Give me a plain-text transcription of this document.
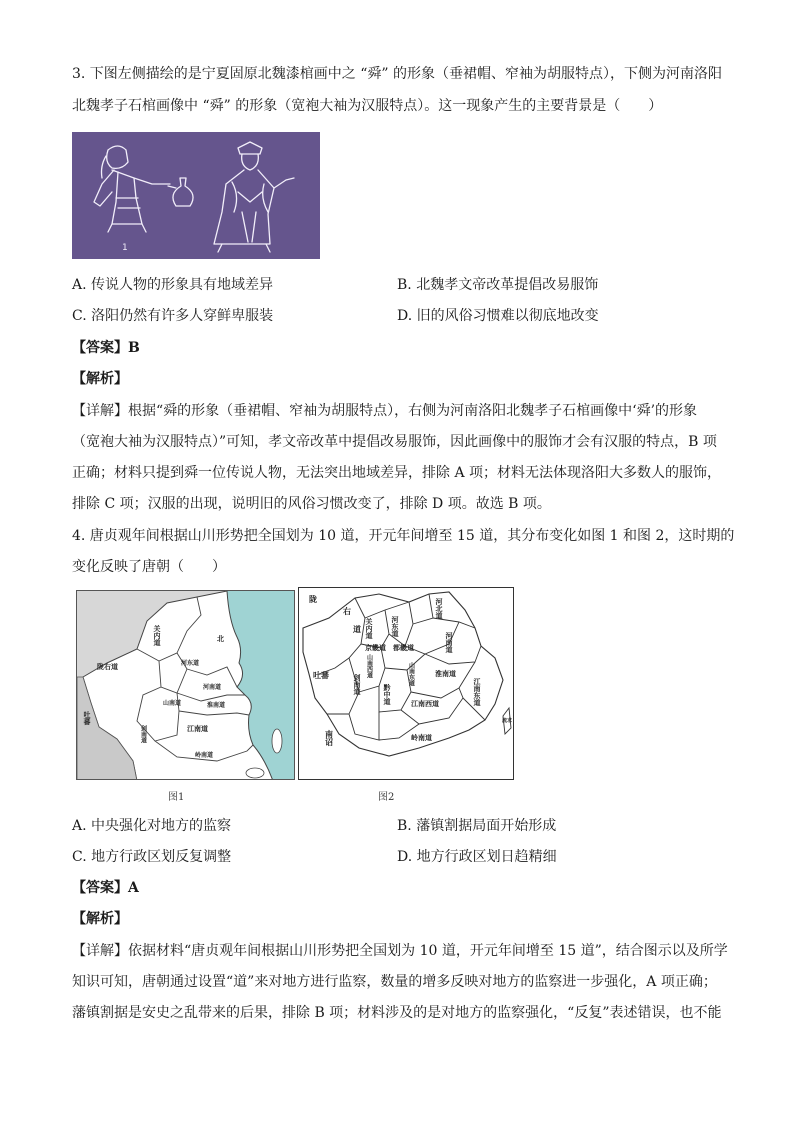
3. 下图左侧描绘的是宁夏固原北魏漆棺画中之 “舜” 的形象（垂裙帽、窄袖为胡服特点），下侧为河南洛阳
北魏孝子石棺画像中 “舜” 的形象（宽袍大袖为汉服特点）。这一现象产生的主要背景是（　　）
1
A. 传说人物的形象具有地域差异	B. 北魏孝文帝改革提倡改易服饰
C. 洛阳仍然有许多人穿鲜卑服装	D. 旧的风俗习惯难以彻底地改变
【答案】B
【解析】
【详解】根据“舜的形象（垂裙帽、窄袖为胡服特点），右侧为河南洛阳北魏孝子石棺画像中‘舜’的形象
（宽袍大袖为汉服特点）”可知，孝文帝改革中提倡改易服饰，因此画像中的服饰才会有汉服的特点，B 项
正确；材料只提到舜一位传说人物，无法突出地域差异，排除 A 项；材料无法体现洛阳大多数人的服饰，
排除 C 项；汉服的出现，说明旧的风俗习惯改变了，排除 D 项。故选 B 项。
4. 唐贞观年间根据山川形势把全国划为 10 道，开元年间增至 15 道，其分布变化如图 1 和图 2，这时期的
变化反映了唐朝（　　）
关内道
陇右道
北
河东道
河南道
吐蕃
山南道
剑南道
淮南道
江南道
岭南道
图1
陇
右
道
吐蕃
关内道	河东道
河北道
京畿道 都畿道	河南道
山南西道	山南东道
剑南道	黔中道
淮南道
江南西道	江南东道
岭南道
南诏
流求
图2
A. 中央强化对地方的监察	B. 藩镇割据局面开始形成
C. 地方行政区划反复调整	D. 地方行政区划日趋精细
【答案】A
【解析】
【详解】依据材料“唐贞观年间根据山川形势把全国划为 10 道，开元年间增至 15 道”，结合图示以及所学
知识可知，唐朝通过设置“道”来对地方进行监察，数量的增多反映对地方的监察进一步强化，A 项正确；
藩镇割据是安史之乱带来的后果，排除 B 项；材料涉及的是对地方的监察强化，“反复”表述错误，也不能
